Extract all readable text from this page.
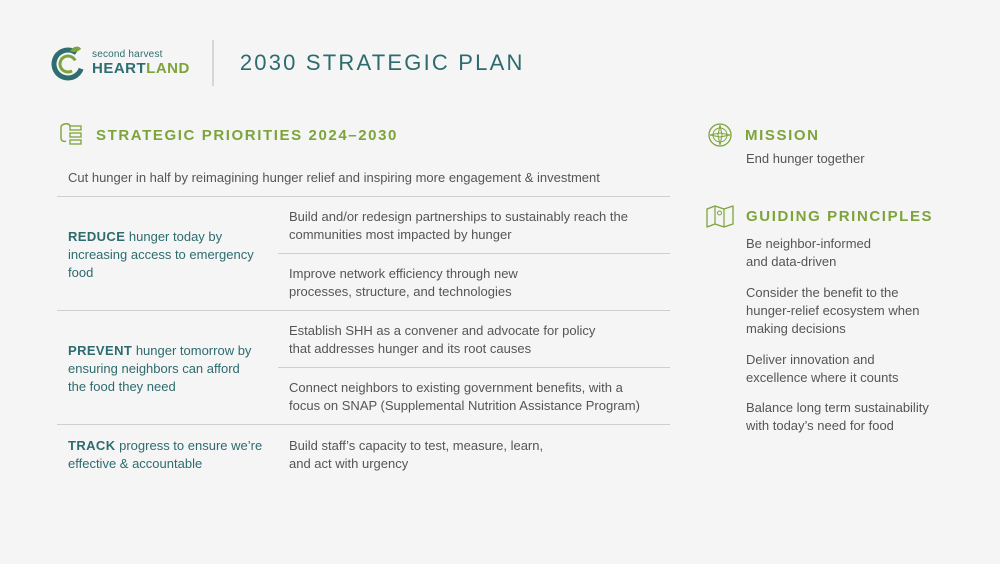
second harvest
HEARTLAND 2030 STRATEGIC PLAN
STRATEGIC PRIORITIES 2024–2030
Cut hunger in half by reimagining hunger relief and inspiring more engagement & investment
REDUCE hunger today by increasing access to emergency food
Build and/or redesign partnerships to sustainably reach the
communities most impacted by hunger
Improve network efficiency through new
processes, structure, and technologies
PREVENT hunger tomorrow by ensuring neighbors can afford the food they need
Establish SHH as a convener and advocate for policy
that addresses hunger and its root causes
Connect neighbors to existing government benefits, with a
focus on SNAP (Supplemental Nutrition Assistance Program)
TRACK progress to ensure we’re effective & accountable
Build staff’s capacity to test, measure, learn,
and act with urgency
MISSION
End hunger together
GUIDING PRINCIPLES
Be neighbor-informed
and data-driven
Consider the benefit to the
hunger-relief ecosystem when
making decisions
Deliver innovation and
excellence where it counts
Balance long term sustainability
with today’s need for food
